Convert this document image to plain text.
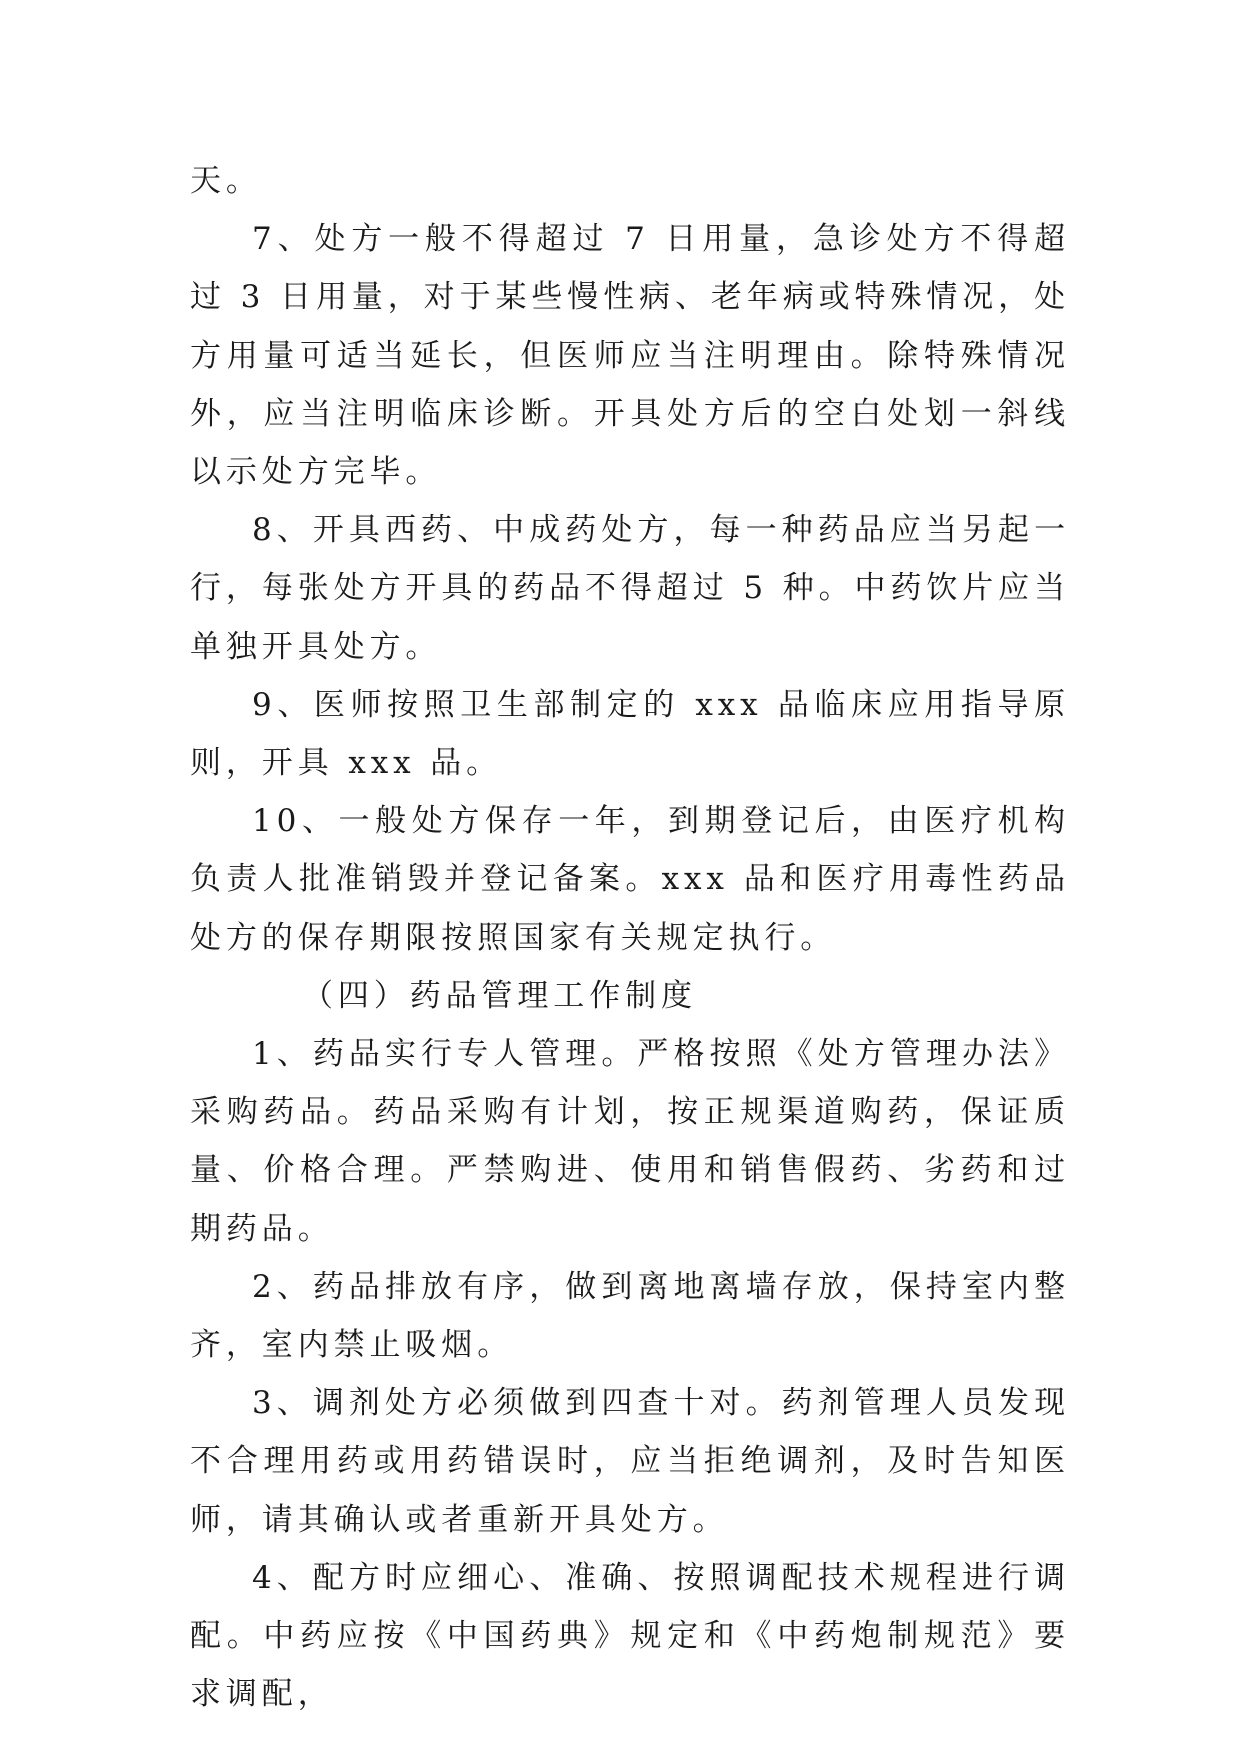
天。

7、处方一般不得超过 7 日用量，急诊处方不得超过 3 日用量，对于某些慢性病、老年病或特殊情况，处方用量可适当延长，但医师应当注明理由。除特殊情况外，应当注明临床诊断。开具处方后的空白处划一斜线以示处方完毕。

8、开具西药、中成药处方，每一种药品应当另起一行，每张处方开具的药品不得超过 5 种。中药饮片应当单独开具处方。

9、医师按照卫生部制定的 xxx 品临床应用指导原则，开具 xxx 品。

10、一般处方保存一年，到期登记后，由医疗机构负责人批准销毁并登记备案。xxx 品和医疗用毒性药品处方的保存期限按照国家有关规定执行。

（四）药品管理工作制度

1、药品实行专人管理。严格按照《处方管理办法》采购药品。药品采购有计划，按正规渠道购药，保证质量、价格合理。严禁购进、使用和销售假药、劣药和过期药品。

2、药品排放有序，做到离地离墙存放，保持室内整齐，室内禁止吸烟。

3、调剂处方必须做到四查十对。药剂管理人员发现不合理用药或用药错误时，应当拒绝调剂，及时告知医师，请其确认或者重新开具处方。

4、配方时应细心、准确、按照调配技术规程进行调配。中药应按《中国药典》规定和《中药炮制规范》要求调配，
